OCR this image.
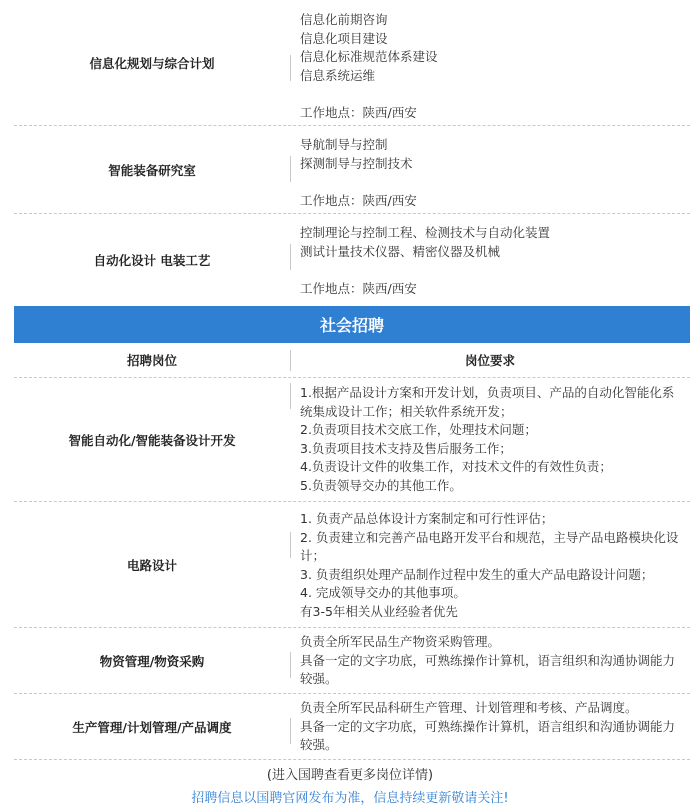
信息化规划与综合计划
信息化前期咨询
信息化项目建设
信息化标准规范体系建设
信息系统运维
工作地点：陕西/西安
智能装备研究室
导航制导与控制
探测制导与控制技术
工作地点：陕西/西安
自动化设计 电装工艺
控制理论与控制工程、检测技术与自动化装置
测试计量技术仪器、精密仪器及机械
工作地点：陕西/西安
社会招聘
招聘岗位	岗位要求
智能自动化/智能装备设计开发
1.根据产品设计方案和开发计划，负责项目、产品的自动化智能化系统集成设计工作；相关软件系统开发；
2.负责项目技术交底工作，处理技术问题；
3.负责项目技术支持及售后服务工作；
4.负责设计文件的收集工作，对技术文件的有效性负责；
5.负责领导交办的其他工作。
电路设计
1. 负责产品总体设计方案制定和可行性评估；
2. 负责建立和完善产品电路开发平台和规范，主导产品电路模块化设计；
3. 负责组织处理产品制作过程中发生的重大产品电路设计问题；
4. 完成领导交办的其他事项。
有3-5年相关从业经验者优先
物资管理/物资采购
负责全所军民品生产物资采购管理。
具备一定的文字功底，可熟练操作计算机，语言组织和沟通协调能力较强。
生产管理/计划管理/产品调度
负责全所军民品科研生产管理、计划管理和考核、产品调度。
具备一定的文字功底，可熟练操作计算机，语言组织和沟通协调能力较强。
(进入国聘查看更多岗位详情)
招聘信息以国聘官网发布为准，信息持续更新敬请关注!
